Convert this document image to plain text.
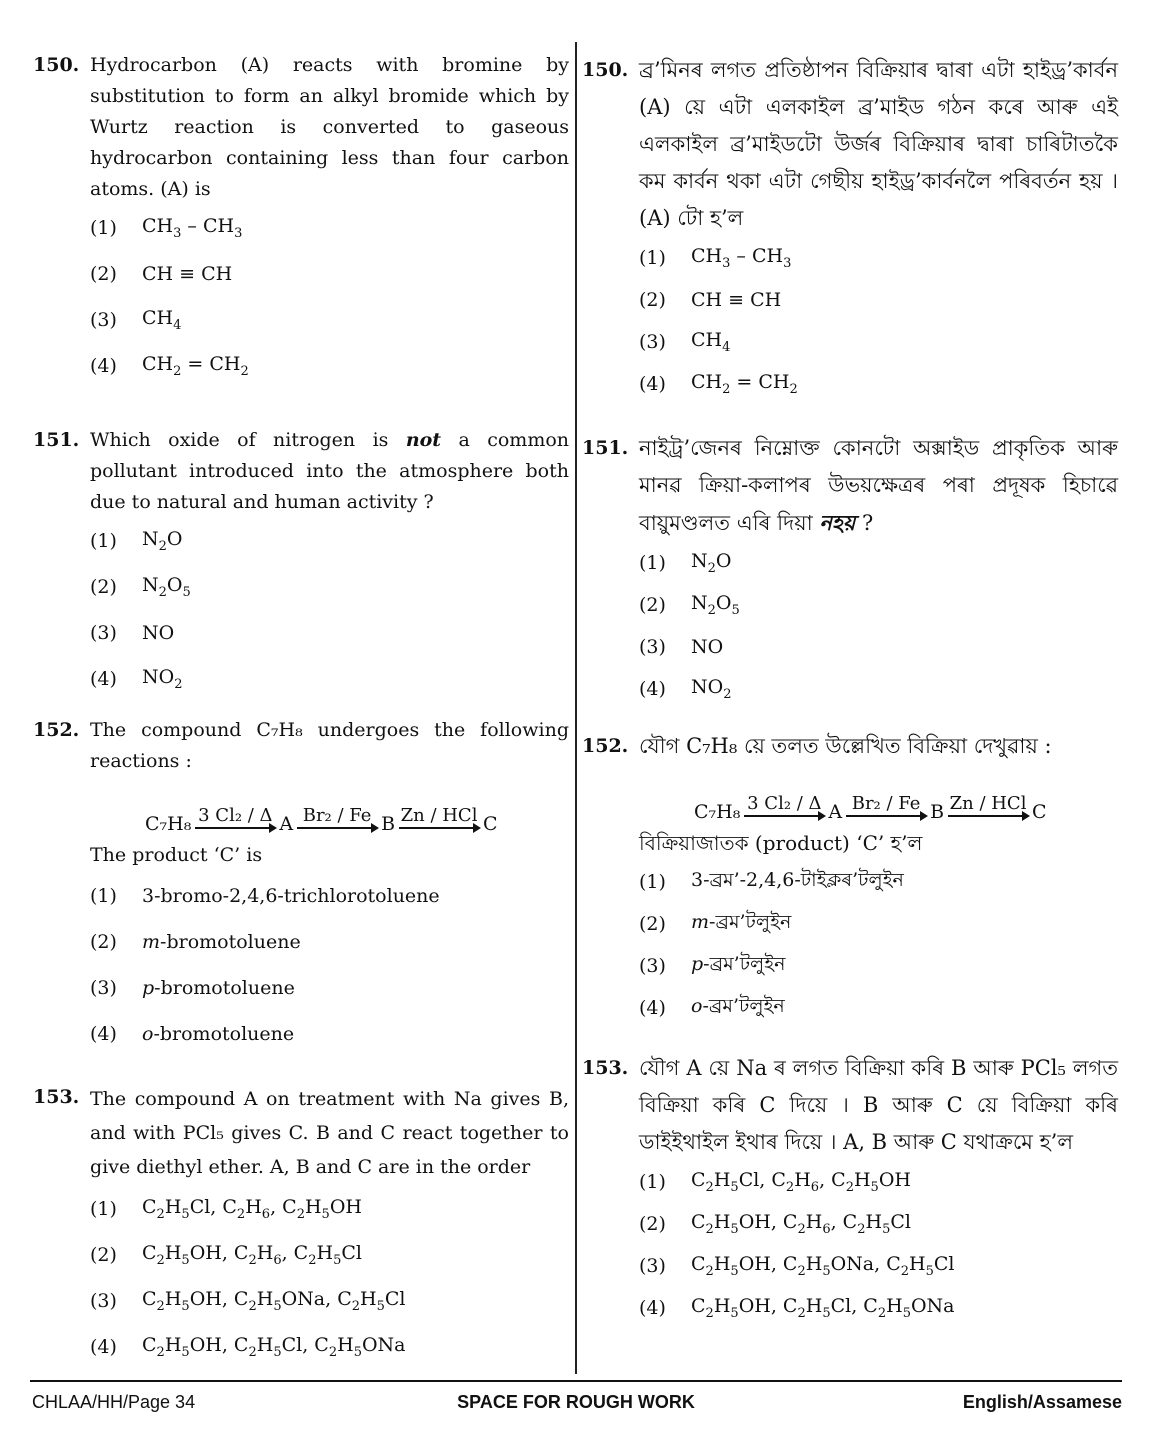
150. Hydrocarbon (A) reacts with bromine by substitution to form an alkyl bromide which by Wurtz reaction is converted to gaseous hydrocarbon containing less than four carbon atoms. (A) is
(1)	$CH_3 - CH_3$
(2)	CH ≡ CH
(3)	$CH_4$
(4)	$CH_2 = CH_2$
151. Which oxide of nitrogen is not a common pollutant introduced into the atmosphere both due to natural and human activity ?
(1)	$N_2O$
(2)	$N_2O_5$
(3)	NO
(4)	$NO_2$
152. The compound C₇H₈ undergoes the following reactions :
C₇H₈ 3 Cl₂ / Δ A Br₂ / Fe B Zn / HCl C
The product ‘C’ is
(1)	3-bromo-2,4,6-trichlorotoluene
(2)	m-bromotoluene
(3)	p-bromotoluene
(4)	o-bromotoluene
153. The compound A on treatment with Na gives B, and with PCl₅ gives C. B and C react together to give diethyl ether. A, B and C are in the order
(1)	$C_2H_5Cl$, $C_2H_6$, $C_2H_5OH$
(2)	$C_2H_5OH$, $C_2H_6$, $C_2H_5Cl$
(3)	$C_2H_5OH$, $C_2H_5ONa$, $C_2H_5Cl$
(4)	$C_2H_5OH$, $C_2H_5Cl$, $C_2H_5ONa$
150. ব্ৰ’মিনৰ লগত প্ৰতিষ্ঠাপন বিক্ৰিয়াৰ দ্বাৰা এটা হাইড্ৰ’কাৰ্বন (A) য়ে এটা এলকাইল ব্ৰ’মাইড গঠন কৰে আৰু এই এলকাইল ব্ৰ’মাইডটো উৰ্জৰ বিক্ৰিয়াৰ দ্বাৰা চাৰিটাতকৈ কম কাৰ্বন থকা এটা গেছীয় হাইড্ৰ’কাৰ্বনলৈ পৰিবৰ্তন হয় । (A) টো হ’ল
(1)	$CH_3 - CH_3$
(2)	CH ≡ CH
(3)	$CH_4$
(4)	$CH_2 = CH_2$
151. নাইট্ৰ’জেনৰ নিম্নোক্ত কোনটো অক্সাইড প্ৰাকৃতিক আৰু মানৱ ক্ৰিয়া-কলাপৰ উভয়ক্ষেত্ৰৰ পৰা প্ৰদূষক হিচাৱে বায়ুমণ্ডলত এৰি দিয়া নহয় ?
(1)	$N_2O$
(2)	$N_2O_5$
(3)	NO
(4)	$NO_2$
152. যৌগ C₇H₈ য়ে তলত উল্লেখিত বিক্ৰিয়া দেখুৱায় :
C₇H₈ 3 Cl₂ / Δ A Br₂ / Fe B Zn / HCl C
বিক্ৰিয়াজাতক (product) ‘C’ হ’ল
(1)	3-ব্ৰম’-2,4,6-টাইক্লৰ’টলুইন
(2)	m-ব্ৰম’টলুইন
(3)	p-ব্ৰম’টলুইন
(4)	o-ব্ৰম’টলুইন
153. যৌগ A য়ে Na ৰ লগত বিক্ৰিয়া কৰি B আৰু PCl₅ লগত বিক্ৰিয়া কৰি C দিয়ে । B আৰু C য়ে বিক্ৰিয়া কৰি ডাইইথাইল ইথাৰ দিয়ে । A, B আৰু C যথাক্ৰমে হ’ল
(1)	$C_2H_5Cl$, $C_2H_6$, $C_2H_5OH$
(2)	$C_2H_5OH$, $C_2H_6$, $C_2H_5Cl$
(3)	$C_2H_5OH$, $C_2H_5ONa$, $C_2H_5Cl$
(4)	$C_2H_5OH$, $C_2H_5Cl$, $C_2H_5ONa$
CHLAA/HH/Page 34	SPACE FOR ROUGH WORK	English/Assamese
